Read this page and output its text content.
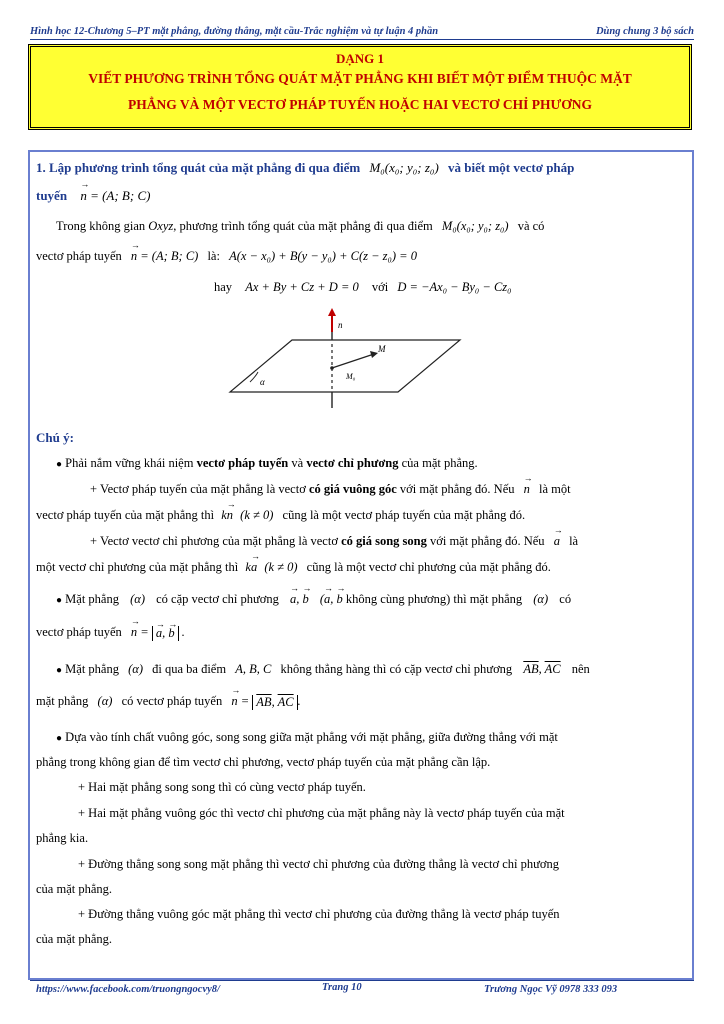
Hình học 12-Chương 5–PT mặt phẳng, đường thẳng, mặt cầu-Trắc nghiệm và tự luận 4 phần	Dùng chung 3 bộ sách
DẠNG 1
VIẾT PHƯƠNG TRÌNH TỔNG QUÁT MẶT PHẲNG KHI BIẾT MỘT ĐIỂM THUỘC MẶT
PHẲNG VÀ MỘT VECTƠ PHÁP TUYẾN HOẶC HAI VECTƠ CHỈ PHƯƠNG
1. Lập phương trình tổng quát của mặt phẳng đi qua điểm M₀(x₀; y₀; z₀) và biết một vectơ pháp
tuyến → n = (A; B; C)
Trong không gian Oxyz, phương trình tổng quát của mặt phẳng đi qua điểm M₀(x₀; y₀; z₀) và có
vectơ pháp tuyến → n = (A; B; C) là: A(x − x₀) + B(y − y₀) + C(z − z₀) = 0
hay Ax + By + Cz + D = 0 với D = −Ax₀ − By₀ − Cz₀
n
M
M₀
α
Chú ý:
● Phải nắm vững khái niệm vectơ pháp tuyến và vectơ chỉ phương của mặt phẳng.
+ Vectơ pháp tuyến của mặt phẳng là vectơ có giá vuông góc với mặt phẳng đó. Nếu → n là một
vectơ pháp tuyến của mặt phẳng thì k→ n (k ≠ 0) cũng là một vectơ pháp tuyến của mặt phẳng đó.
+ Vectơ vectơ chỉ phương của mặt phẳng là vectơ có giá song song với mặt phẳng đó. Nếu → a là
một vectơ chỉ phương của mặt phẳng thì k→ a (k ≠ 0) cũng là một vectơ chỉ phương của mặt phẳng đó.
● Mặt phẳng (α) có cặp vectơ chỉ phương → a, → b (→ a, → b không cùng phương) thì mặt phẳng (α) có
vectơ pháp tuyến → n = → a, → b .
● Mặt phẳng (α) đi qua ba điểm A, B, C không thẳng hàng thì có cặp vectơ chỉ phương $\overline{AB}$, $\overline{AC}$ nên
mặt phẳng (α) có vectơ pháp tuyến → $n = \overline{AB}$, $\overline{AC}$ .
● Dựa vào tính chất vuông góc, song song giữa mặt phẳng với mặt phẳng, giữa đường thẳng với mặt
phẳng trong không gian để tìm vectơ chỉ phương, vectơ pháp tuyến của mặt phẳng cần lập.
+ Hai mặt phẳng song song thì có cùng vectơ pháp tuyến.
+ Hai mặt phẳng vuông góc thì vectơ chỉ phương của mặt phẳng này là vectơ pháp tuyến của mặt
phẳng kia.
+ Đường thẳng song song mặt phẳng thì vectơ chỉ phương của đường thẳng là vectơ chỉ phương
của mặt phẳng.
+ Đường thẳng vuông góc mặt phẳng thì vectơ chỉ phương của đường thẳng là vectơ pháp tuyến
của mặt phẳng.
https://www.facebook.com/truongngocvy8/	Trang 10	Trương Ngọc Vỹ 0978 333 093
